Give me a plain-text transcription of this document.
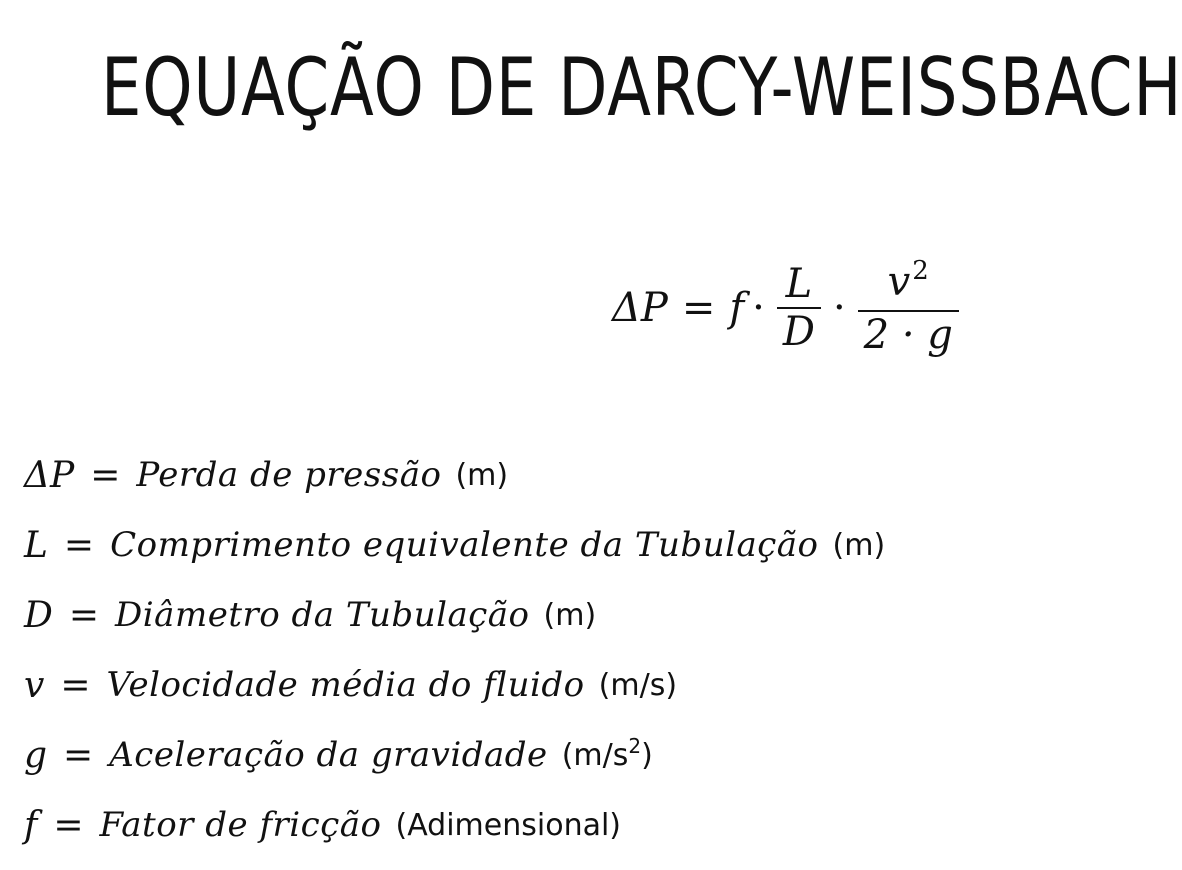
EQUAÇÃO DE DARCY-WEISSBACH
$\Delta P = f \cdot \frac{L}{D} \cdot \frac{v^2}{2 \cdot g}$
ΔP = Perda de pressão (m)
L = Comprimento equivalente da Tubulação (m)
D = Diâmetro da Tubulação (m)
v = Velocidade média do fluido (m/s)
g = Aceleração da gravidade $(m/s^2)$
f = Fator de fricção (Adimensional)
